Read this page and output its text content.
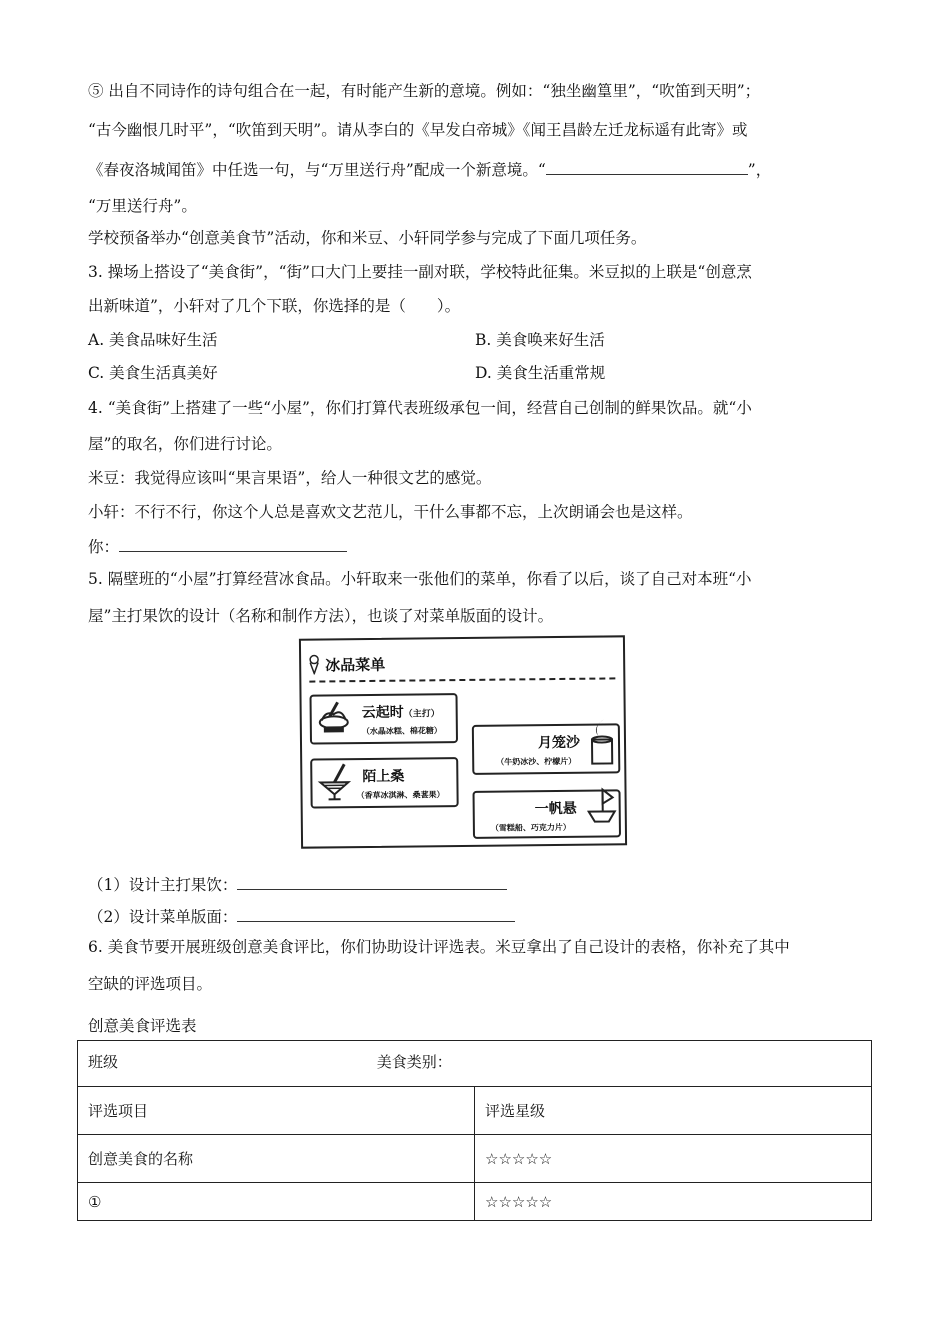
⑤ 出自不同诗作的诗句组合在一起，有时能产生新的意境。例如：“独坐幽篁里”，“吹笛到天明”；
“古今幽恨几时平”，“吹笛到天明”。请从李白的《早发白帝城》《闻王昌龄左迁龙标遥有此寄》或
《春夜洛城闻笛》中任选一句，与“万里送行舟”配成一个新意境。“	”，
“万里送行舟”。
学校预备举办“创意美食节”活动，你和米豆、小轩同学参与完成了下面几项任务。
3. 操场上搭设了“美食街”，“街”口大门上要挂一副对联，学校特此征集。米豆拟的上联是“创意烹
出新味道”，小轩对了几个下联，你选择的是（　　）。
A. 美食品味好生活	B. 美食唤来好生活
C. 美食生活真美好	D. 美食生活重常规
4. “美食街”上搭建了一些“小屋”，你们打算代表班级承包一间，经营自己创制的鲜果饮品。就“小
屋”的取名，你们进行讨论。
米豆：我觉得应该叫“果言果语”，给人一种很文艺的感觉。
小轩：不行不行，你这个人总是喜欢文艺范儿，干什么事都不忘，上次朗诵会也是这样。
你：
5. 隔壁班的“小屋”打算经营冰食品。小轩取来一张他们的菜单，你看了以后，谈了自己对本班“小
屋”主打果饮的设计（名称和制作方法），也谈了对菜单版面的设计。
冰品菜单
云起时（主打）
（水晶冰糕、棉花糖）
月笼沙
（牛奶冰沙、柠檬片）
陌上桑
（香草冰淇淋、桑葚果）
一帆悬
（雪糕船、巧克力片）
（1）设计主打果饮：
（2）设计菜单版面：
6. 美食节要开展班级创意美食评比，你们协助设计评选表。米豆拿出了自己设计的表格，你补充了其中
空缺的评选项目。
创意美食评选表
班级 美食类别：	
评选项目	评选星级
创意美食的名称	☆☆☆☆☆
①	☆☆☆☆☆
